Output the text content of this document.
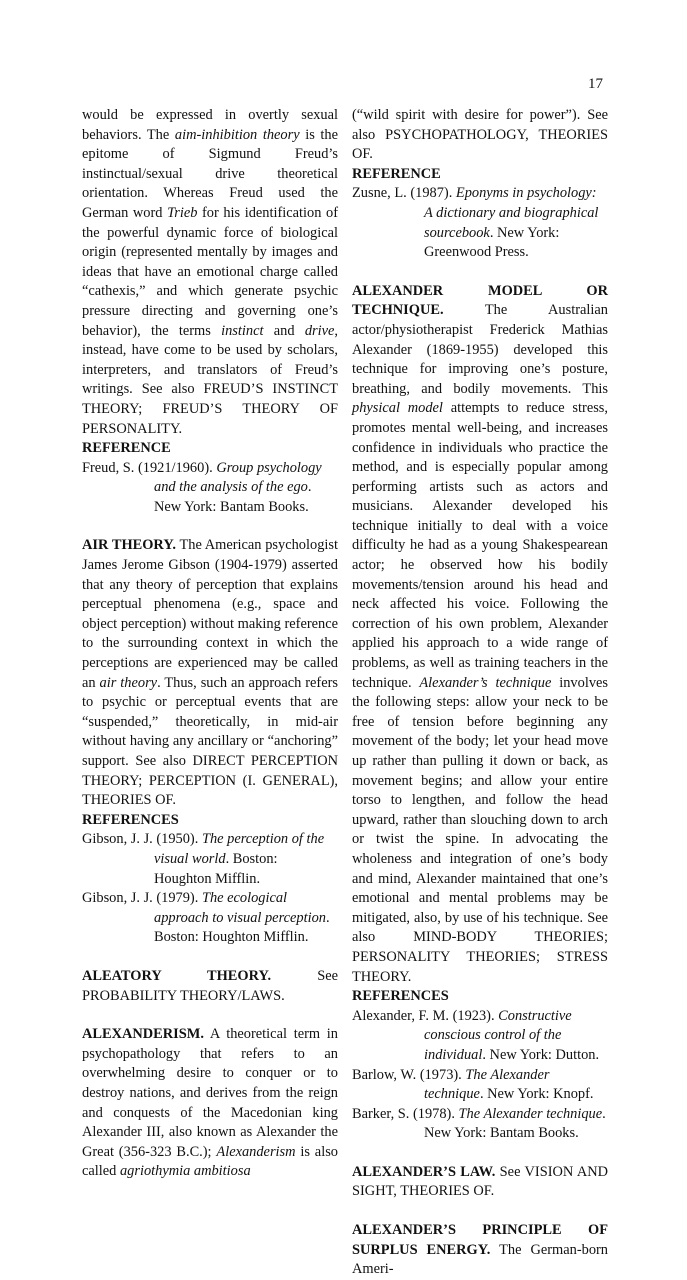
17

would be expressed in overtly sexual behaviors. The aim-inhibition theory is the epitome of Sigmund Freud’s instinctual/sexual drive theoretical orientation. Whereas Freud used the German word Trieb for his identification of the powerful dynamic force of biological origin (represented mentally by images and ideas that have an emotional charge called “cathexis,” and which generate psychic pressure directing and governing one’s behavior), the terms instinct and drive, instead, have come to be used by scholars, interpreters, and translators of Freud’s writings. See also FREUD’S INSTINCT THEORY; FREUD’S THEORY OF PERSONALITY.

REFERENCE

Freud, S. (1921/1960). Group psychology and the analysis of the ego. New York: Bantam Books.

AIR THEORY. The American psychologist James Jerome Gibson (1904-1979) asserted that any theory of perception that explains perceptual phenomena (e.g., space and object perception) without making reference to the surrounding context in which the perceptions are experienced may be called an air theory. Thus, such an approach refers to psychic or perceptual events that are “suspended,” theoretically, in mid-air without having any ancillary or “anchoring” support. See also DIRECT PERCEPTION THEORY; PERCEPTION (I. GENERAL), THEORIES OF.

REFERENCES

Gibson, J. J. (1950). The perception of the visual world. Boston: Houghton Mifflin.

Gibson, J. J. (1979). The ecological approach to visual perception. Boston: Houghton Mifflin.

ALEATORY THEORY. See PROBABILITY THEORY/LAWS.

ALEXANDERISM. A theoretical term in psychopathology that refers to an overwhelming desire to conquer or to destroy nations, and derives from the reign and conquests of the Macedonian king Alexander III, also known as Alexander the Great (356-323 B.C.); Alexanderism is also called agriothymia ambitiosa

(“wild spirit with desire for power”). See also PSYCHOPATHOLOGY, THEORIES OF.

REFERENCE

Zusne, L. (1987). Eponyms in psychology: A dictionary and biographical sourcebook. New York: Greenwood Press.

ALEXANDER MODEL OR TECHNIQUE. The Australian actor/physiotherapist Frederick Mathias Alexander (1869-1955) developed this technique for improving one’s posture, breathing, and bodily movements. This physical model attempts to reduce stress, promotes mental well-being, and increases confidence in individuals who practice the method, and is especially popular among performing artists such as actors and musicians. Alexander developed his technique initially to deal with a voice difficulty he had as a young Shakespearean actor; he observed how his bodily movements/tension around his head and neck affected his voice. Following the correction of his own problem, Alexander applied his approach to a wide range of problems, as well as training teachers in the technique. Alexander’s technique involves the following steps: allow your neck to be free of tension before beginning any movement of the body; let your head move up rather than pulling it down or back, as movement begins; and allow your entire torso to lengthen, and follow the head upward, rather than slouching down to arch or twist the spine. In advocating the wholeness and integration of one’s body and mind, Alexander maintained that one’s emotional and mental problems may be mitigated, also, by use of his technique. See also MIND-BODY THEORIES; PERSONALITY THEORIES; STRESS THEORY.

REFERENCES

Alexander, F. M. (1923). Constructive conscious control of the individual. New York: Dutton.

Barlow, W. (1973). The Alexander technique. New York: Knopf.

Barker, S. (1978). The Alexander technique. New York: Bantam Books.

ALEXANDER’S LAW. See VISION AND SIGHT, THEORIES OF.

ALEXANDER’S PRINCIPLE OF SURPLUS ENERGY. The German-born Ameri-
